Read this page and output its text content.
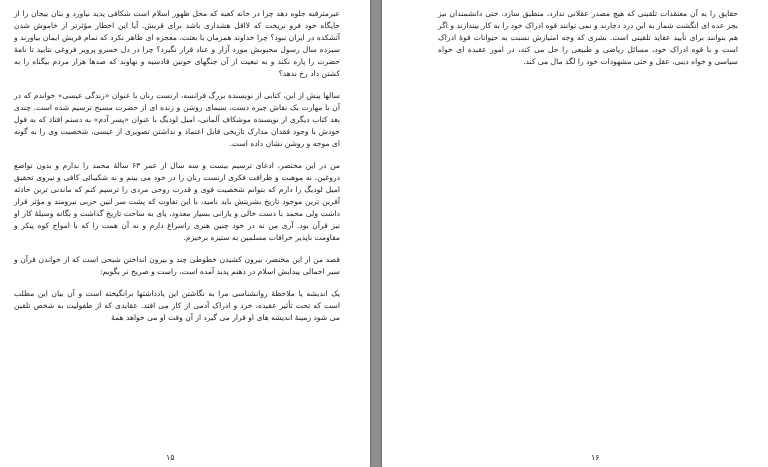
عیرمترقبه جلوه دهد چرا در خانه کعبه که محل ظهور اسلام است شکافی پدید نیاورد و بتان بیجان را از جایگاه خود فرو نریخت که لااقل هشداری باشد برای قریش. آیا این اخطار مؤثرتر از خاموش شدن آتشکده در ایران نبود؟ چرا خداوند همزمان با بعثت، معجزه ای ظاهر نکرد که تمام قریش ایمان بیاورند و سیزده سال رسول محبوبش مورد آزار و عناد قرار نگیرد؟ چرا در دل خسرو پرویز فروغی نتابید تا نامهٔ حضرت را پاره نکند و به تبعیت از آن جنگهای خونین قادسیه و نهاوند که صدها هزار مردم بیگناه را به کشتن داد رخ ندهد؟

سالها پیش از این، کتابی از نویسنده بزرگ فرانسه، ارنست رنان با عنوان «زندگی عیسی» خواندم که در آن با مهارت یک نقاش چیره دست، سیمای روشن و زنده ای از حضرت مسیح ترسیم شده است. چندی بعد کتاب دیگری از نویسنده موشکاف آلمانی، امیل لودیگ با عنوان «پسر آدم» به دستم افتاد که به قول خودش با وجود فقدان مدارک تاریخی قابل اعتماد و نداشتن تصویری از عیسی، شخصیت وی را به گونه ای موجه و روشن نشان داده است.

من در این مختصر، ادعای ترسیم بیست و سه سال از عمر ۶۳ سالهٔ محمد را ندارم و بدون تواضع دروغین، نه موهبت و ظرافت فکری ارنست رنان را در خود می بینم و نه شکیبائی کافی و نیروی تحقیق امیل لودیگ را دارم که بتوانم شخصیت قوی و قدرت روحی مردی را ترسیم کنم که ماندنی ترین حادثه آفرین ترین موجود تاریخ بشریتش باید نامید، با این تفاوت که پشت سر لنین حزبی نیرومند و مؤثر قرار داشت ولی محمد با دست خالی و یارانی بسیار معدود، پای به ساحت تاریخ گذاشت و بگانه وسیلهٔ کار او نیز قرآن بود. آری من نه در خود چنین هنری راسراغ دارم و نه آن همت را که با امواج کوه پیکر و مقاومت ناپذیر خرافات مسلمین به ستیزه برخیزم.

قصد من از این مختصر، بیرون کشیدن خطوطی چند و بیرون انداختن شبحی است که از خواندن قرآن و سیر اجمالی پیدایش اسلام در ذهنم پدید آمده است، راست و صریح تر بگویم:

یک اندیشه یا ملاحظهٔ روانشناسی مرا به نگاشتن این یادداشتها برانگیخته است و آن بیان این مطلب است که تحت تأثیر عقیده، خرد و ادراک آدمی از کار می افتد. عقایدی که از طفولیت به شخص تلقین می شود زمینهٔ اندیشه های او قرار می گیرد از آن وقت او می خواهد همهٔ

۱۵

حقایق را به آن معتقدات تلقینی که هیچ مصدر عقلانی ندارد، منطبق سازد. حتی دانشمندان نیز بجز عده ای انگشت شمار به این درد دچارند و نمی توانند قوه ادراک خود را به کار بیندازند و اگر هم بتوانند برای تأیید عقاید تلقینی است. بشری که وجه امتیازش نسبت به حیوانات قوهٔ ادراک است و با قوه ادراک خود، مسائل ریاضی و طبیعی را حل می کند، در امور عقیده ای خواه سیاسی و خواه دینی، عقل و حتی مشهودات خود را لگد مال می کند.

۱۶
